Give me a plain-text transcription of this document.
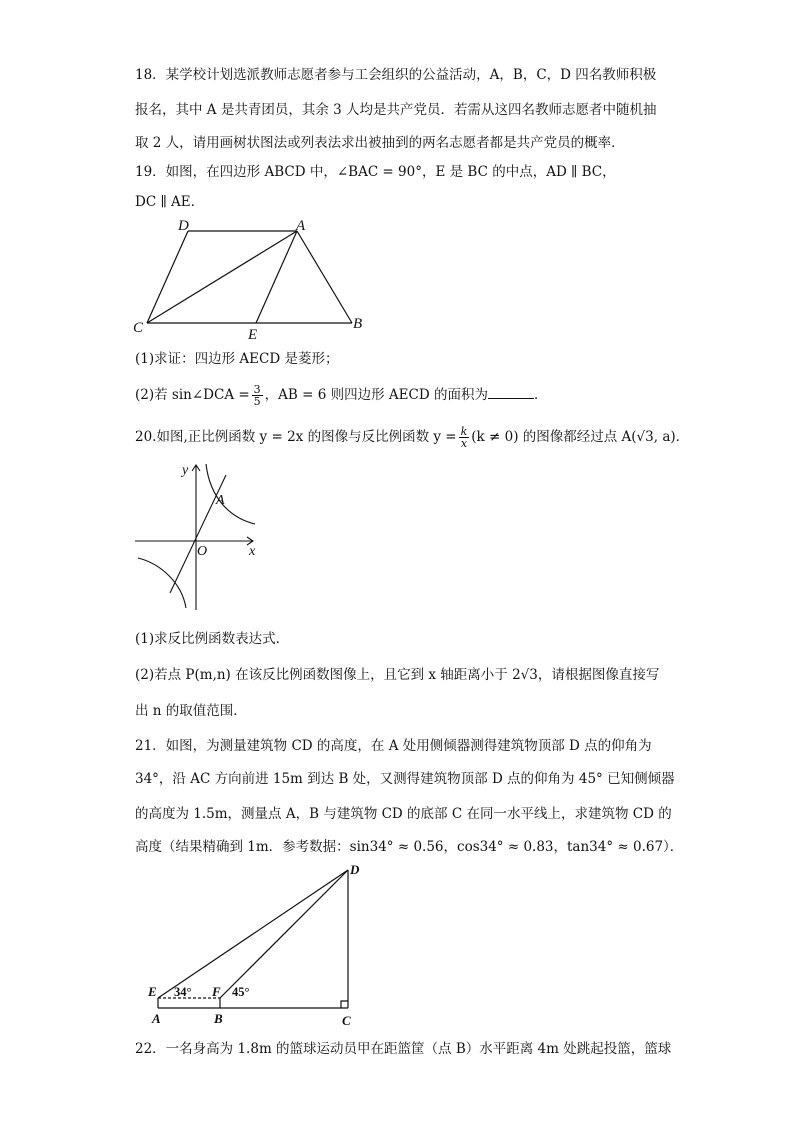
18．某学校计划选派教师志愿者参与工会组织的公益活动，A，B，C，D 四名教师积极
报名，其中 A 是共青团员，其余 3 人均是共产党员．若需从这四名教师志愿者中随机抽
取 2 人，请用画树状图法或列表法求出被抽到的两名志愿者都是共产党员的概率．
19．如图，在四边形 ABCD 中，∠BAC = 90°，E 是 BC 的中点，AD ∥ BC，
DC ∥ AE．
D	A
C	E
B
(1)求证：四边形 AECD 是菱形；
(2)若 sin∠DCA = $\frac{3}{5}$ ，AB = 6 则四边形 AECD 的面积为	．
20.如图,正比例函数 y = 2x 的图像与反比例函数 $y = \frac{k}{x} (k \ne 0)$ 的图像都经过点 A(√3, a)．
y
x
O
A
(1)求反比例函数表达式．
(2)若点 P(m,n) 在该反比例函数图像上，且它到 x 轴距离小于 2√3，请根据图像直接写
出 n 的取值范围．
21．如图，为测量建筑物 CD 的高度，在 A 处用侧倾器测得建筑物顶部 D 点的仰角为
34°，沿 AC 方向前进 15m 到达 B 处，又测得建筑物顶部 D 点的仰角为 45° 已知侧倾器
的高度为 1.5m，测量点 A，B 与建筑物 CD 的底部 C 在同一水平线上，求建筑物 CD 的
高度（结果精确到 1m．参考数据：sin34° ≈ 0.56，cos34° ≈ 0.83，tan34° ≈ 0.67）．
D
E	F
A	B	C
34°	45°
22．一名身高为 1.8m 的篮球运动员甲在距篮筐（点 B）水平距离 4m 处跳起投篮，篮球
